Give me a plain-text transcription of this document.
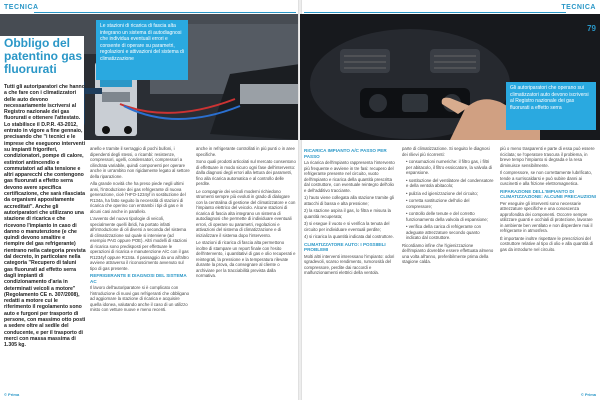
TECNICA
Le stazioni di ricarica di fascia alta integrano un sistema di autodiagnosi che individua eventuali errori e consente di operare su parametri, regolazioni e attivazioni del sistema di climatizzazione
Obbligo del patentino gas fluorurati
Tutti gli autoriparatori che hanno a che fare con i climatizzatori delle auto devono necessariamente iscriversi al Registro nazionale dei gas fluorurati e ottenere l'attestato. Lo stabilisce il D.P.R. 43-2012, entrato in vigore a fine gennaio, precisando che "i tecnici e le imprese che eseguono interventi su impianti frigoriferi, condizionatori, pompe di calore, estintori antincendio e commutatori ad alta tensione e altri apparecchi che contengono gas fluorurati a effetto serra devono avere specifica certificazione, che sarà rilasciata da organismi appositamente accreditati". Anche gli autoriparatori che utilizzano una stazione di ricarica e che ricevono l'impianto in caso di danno o manutenzione (e che quindi devono smaltire e riempire del gas refrigerante) rientrano nella categoria prevista dal decreto, in particolare nella categoria "Recupero di taluni gas fluorurati ad effetto serra dagli impianti di condizionamento d'aria in determinati veicoli a motore" (Regolamento CE n. 307/2008), redatti a motore cui le riferimento il regolamento sono auto e furgoni per trasporto di persone, con massimo otto posti a sedere oltre al sedile del conducente, e per il trasporto di merci con massa massima di 1.305 kg.

anello e tramite il serraggio di pochi bulloni, i dipendenti degli stessi, o ricambi: resistenze, compressori, ugelli, condensatori, compressori a cilindrata variabile, quindi componenti per operare anche in un'ambito non rigidamente legato al settore della riparazione.

Alla grande novità che ha preso piede negli ultimi anni, l'introduzione dei gas refrigerante di nuova generazione, cioè l'HFO-1234yf in sostituzione del R134a, ha fatto seguito la necessità di stazioni di ricarica che operino con entrambi i tipi di gas e in alcuni casi anche in parallelo.

L'avvento del nuovo tipologie di veicoli, specialmente quelli ibridi, ha portato infatti all'introduzione di oli diversi a seconda del sistema di climatizzazione sul quale si interviene (ad esempio PAG oppure POE). Altri modelli di stazioni di ricarica sono predisposti per effettuare le operazioni di ricarica e manutenzione A/C con il gas R1234yf oppure R134a. Il passaggio da uno all'altro avviene attraverso il riconoscimento avvenuto sul tipo di gas presente.

REFRIGERANTE E DIAGNOSI DEL SISTEMA AC

Il lavoro dell'autoriparatore si è complicato con l'introduzione di nuovi gas refrigeranti che obbligano ad aggiornare la stazione di ricarica e acquisire quella idonea, valutando anche il caso di un utilizzo misto con vetture nuove e meno recenti.

anche in refrigerante controllati in più punti o in aree specifiche.

Sono quali prodotti articolati sul mercato consentono di effettuare in modo sicuro ogni fase dell'intervento: dalla diagnosi degli errori alla lettura dei parametri, fino alla ricarica automatica e al controllo delle perdite.

Le compagnie dei veicoli moderni richiedono strumenti sempre più evoluti in grado di dialogare con la centralina di gestione del climatizzatore e con l'impianto elettrico del veicolo. Alcune stazioni di ricarica di fascia alta integrano un sistema di autodiagnosi che permette di individuare eventuali errori, di operare su parametri, regolazioni e attivazioni del sistema di climatizzazione e di inizializzare il sistema dopo l'intervento.

Le stazioni di ricarica di fascia alta permettono inoltre di stampare un report finale con l'esito dell'intervento, i quantitativi di gas e olio recuperati e reintegrati, la pressione e la temperatura rilevate durante la prova, da consegnare al cliente o archiviare per la tracciabilità prevista dalla normativa.

© Prima
TECNICA
Gli autoriparatori che operano sui climatizzatori auto devono iscriversi al Registro nazionale dei gas fluorurati a effetto serra
79
RICARICA IMPIANTO A/C PASSO PER PASSO

La ricarica dell'impianto rappresenta l'intervento più frequente e avviene in tre fasi: recupero del refrigerante presente nel circuito, vuoto dell'impianto e ricarica della quantità prescritta dal costruttore, con eventuale reintegro dell'olio e dell'additivo tracciante.

1) l'auto viene collegata alla stazione tramite gli attacchi di bassa e alta pressione;

2) la stazione aspira il gas, lo filtra e misura la quantità recuperata;

3) si esegue il vuoto e si verifica la tenuta del circuito per individuare eventuali perdite;

4) si ricarica la quantità indicata dal costruttore.

CLIMATIZZATORE AUTO: I POSSIBILI PROBLEMI

Molti altri interventi interessano l'impianto: odori sgradevoli, scarso rendimento, rumorosità del compressore, perdite dai raccordi e malfunzionamenti elettrici della ventola.

parte di climatizzazione. Si seguito le diagnosi dei rilievi più ricorrenti:

• consumazioni numeriche: il filtro gas, i filtri per abitacolo, il filtro essiccatore, la valvola di espansione.

• sostituzione del ventilatore del condensatore e della ventola abitacolo;

• pulizia ed igienizzazione del circuito;

• corretta sostituzione dell'olio del compressore;

• controllo delle tenute e del corretto funzionamento della valvola di espansione;

• verifica della carica di refrigerante con adeguate attrezzature secondo quanto indicato dal costruttore.

Ricordiamo infine che l'igienizzazione dell'impianto dovrebbe essere effettuata almeno una volta all'anno, preferibilmente prima della stagione calda.

più o meno trasparenti e parte di essa può essere riciclata; se l'operatore trascura il problema, in breve tempo l'impianto si degrada e la resa diminuisce sensibilmente.

Il compressore, se non correttamente lubrificato, tende a surriscaldarsi e può subire danni ai cuscinetti e alla frizione elettromagnetica.

RIPARAZIONE DELL'IMPIANTO DI CLIMATIZZAZIONE: ALCUNE PRECAUZIONI

Per eseguire gli interventi sono necessarie attrezzature specifiche e una conoscenza approfondita dei componenti. Occorre sempre utilizzare guanti e occhiali di protezione, lavorare in ambiente ben ventilato e non disperdere mai il refrigerante in atmosfera.

È importante inoltre rispettare le prescrizioni del costruttore relative al tipo di olio e alla quantità di gas da introdurre nel circuito.

© Prima
